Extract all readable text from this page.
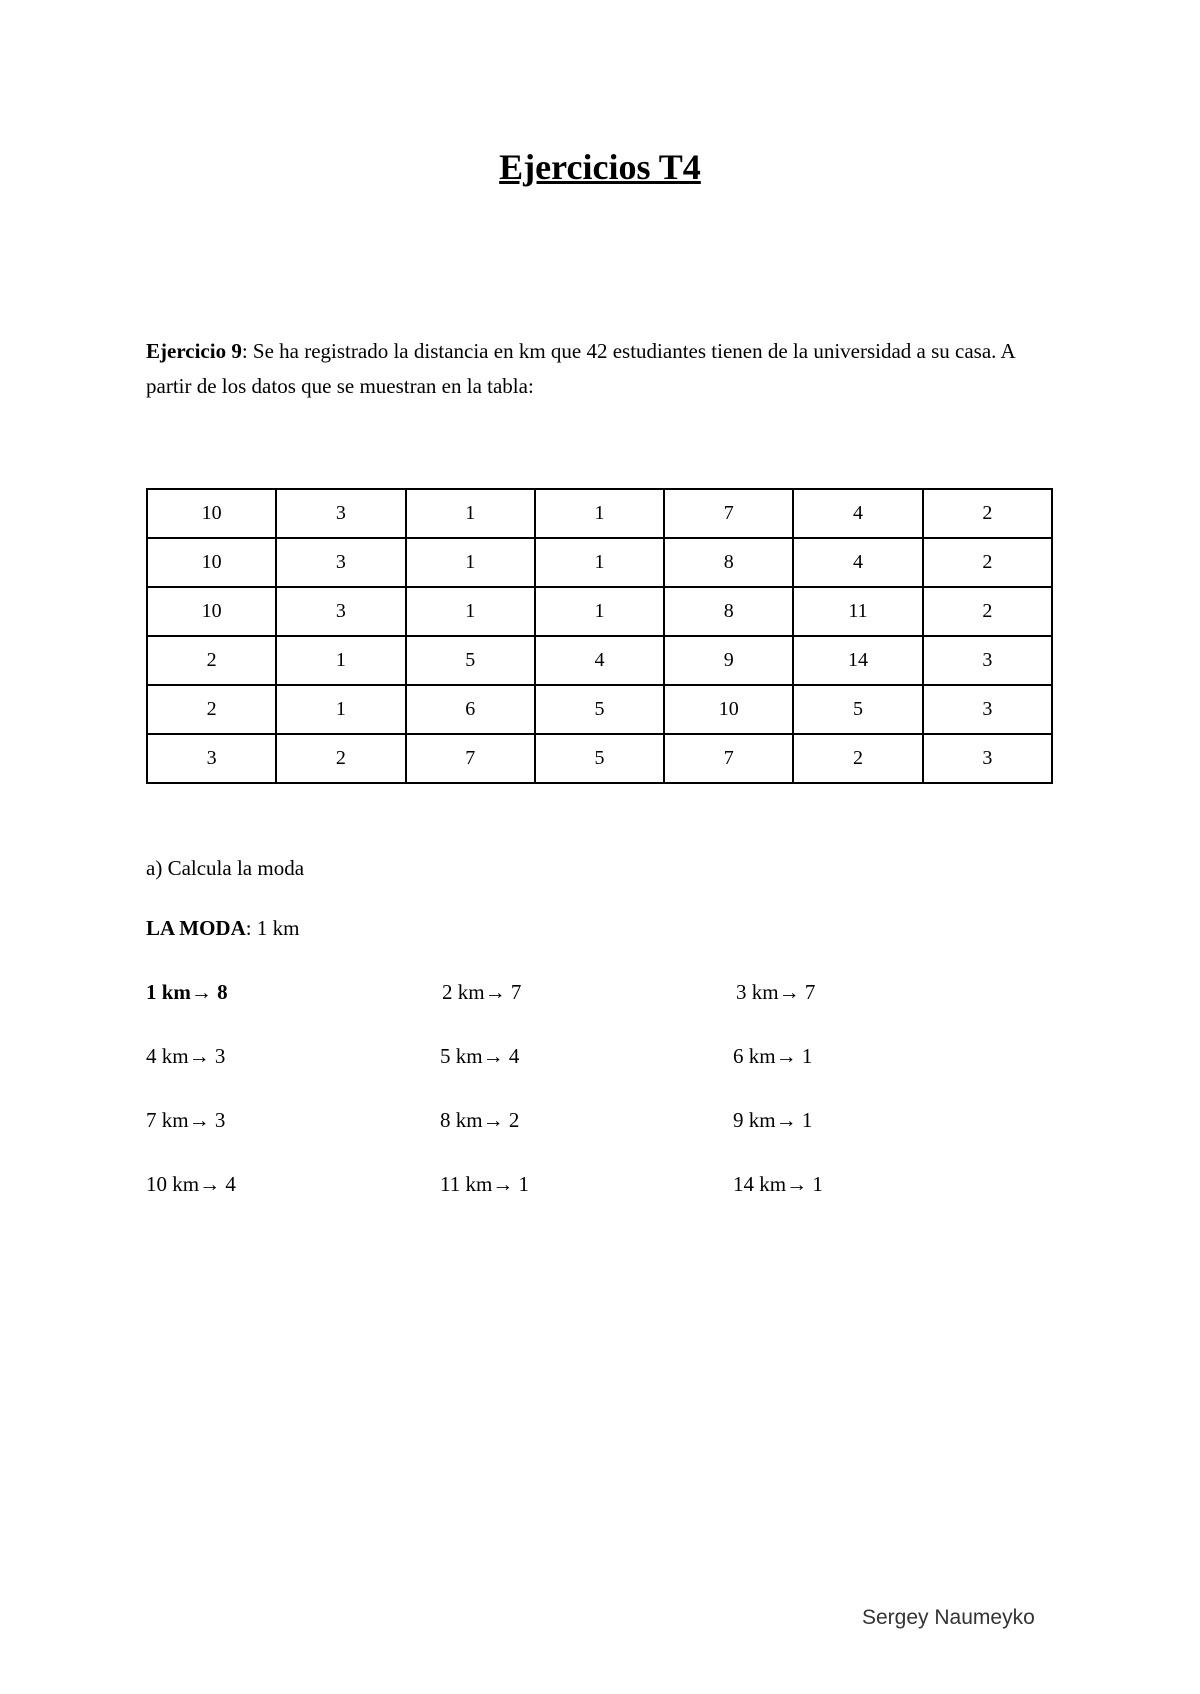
Ejercicios T4
Ejercicio 9: Se ha registrado la distancia en km que 42 estudiantes tienen de la universidad a su casa. A partir de los datos que se muestran en la tabla:
10	3	1	1	7	4	2
10	3	1	1	8	4	2
10	3	1	1	8	11	2
2	1	5	4	9	14	3
2	1	6	5	10	5	3
3	2	7	5	7	2	3
a) Calcula la moda
LA MODA: 1 km
1 km→ 8	2 km→ 7	3 km→ 7
4 km→ 3	5 km→ 4	6 km→ 1
7 km→ 3	8 km→ 2	9 km→ 1
10 km→ 4	11 km→ 1	14 km→ 1
Sergey Naumeyko
